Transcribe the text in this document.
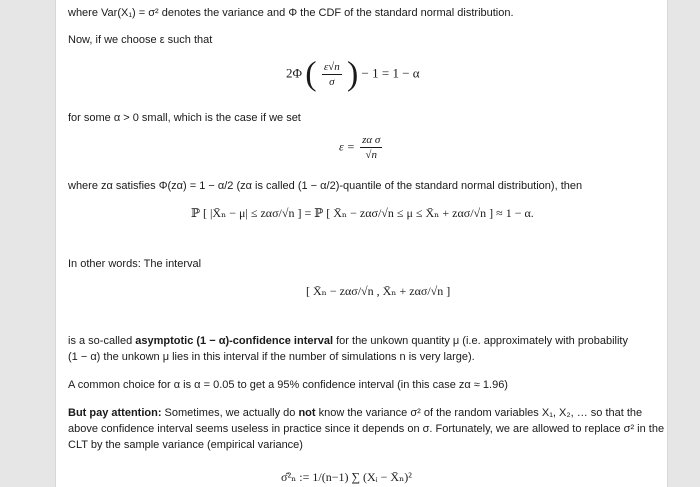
where Var(X₁) = σ² denotes the variance and Φ the CDF of the standard normal distribution.
Now, if we choose ε such that
2Φ ( $\frac{\varepsilon√n}{\sigma}$ ) − 1 = 1 − α
for some α > 0 small, which is the case if we set
$\varepsilon = \frac{\text{zα σ}}{√n}$
where zα satisfies Φ(zα) = 1 − α/2 (zα is called (1 − α/2)-quantile of the standard normal distribution), then
ℙ [ |X̄ₙ − μ| ≤ zασ/√n ] = ℙ [ X̄ₙ − zασ/√n ≤ μ ≤ X̄ₙ + zασ/√n ] ≈ 1 − α.
In other words: The interval
[ X̄ₙ − zασ/√n , X̄ₙ + zασ/√n ]
is a so-called asymptotic (1 − α)-confidence interval for the unkown quantity μ (i.e. approximately with probability
(1 − α) the unkown μ lies in this interval if the number of simulations n is very large).
A common choice for α is α = 0.05 to get a 95% confidence interval (in this case zα ≈ 1.96)
But pay attention: Sometimes, we actually do not know the variance σ² of the random variables X₁, X₂, … so that the
above confidence interval seems useless in practice since it depends on σ. Fortunately, we are allowed to replace σ² in the
CLT by the sample variance (empirical variance)
σ̂²ₙ := 1/(n−1) ∑ (Xᵢ − X̄ₙ)²
